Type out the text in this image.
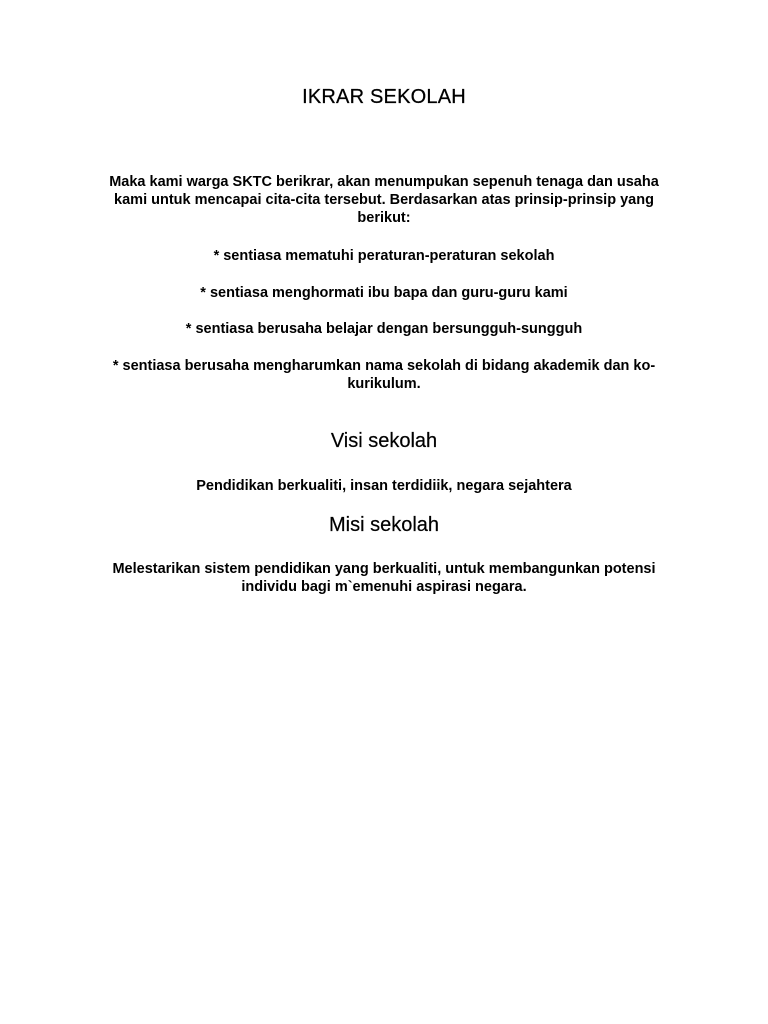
IKRAR SEKOLAH

Maka kami warga SKTC berikrar, akan menumpukan sepenuh tenaga dan usaha kami untuk mencapai cita-cita tersebut. Berdasarkan atas prinsip-prinsip yang berikut:

* sentiasa mematuhi peraturan-peraturan sekolah

* sentiasa menghormati ibu bapa dan guru-guru kami

* sentiasa berusaha belajar dengan bersungguh-sungguh

* sentiasa berusaha mengharumkan nama sekolah di bidang akademik dan ko-kurikulum.

Visi sekolah

Pendidikan berkualiti, insan terdidiik, negara sejahtera

Misi sekolah

Melestarikan sistem pendidikan yang berkualiti, untuk membangunkan potensi individu bagi m`emenuhi aspirasi negara.
